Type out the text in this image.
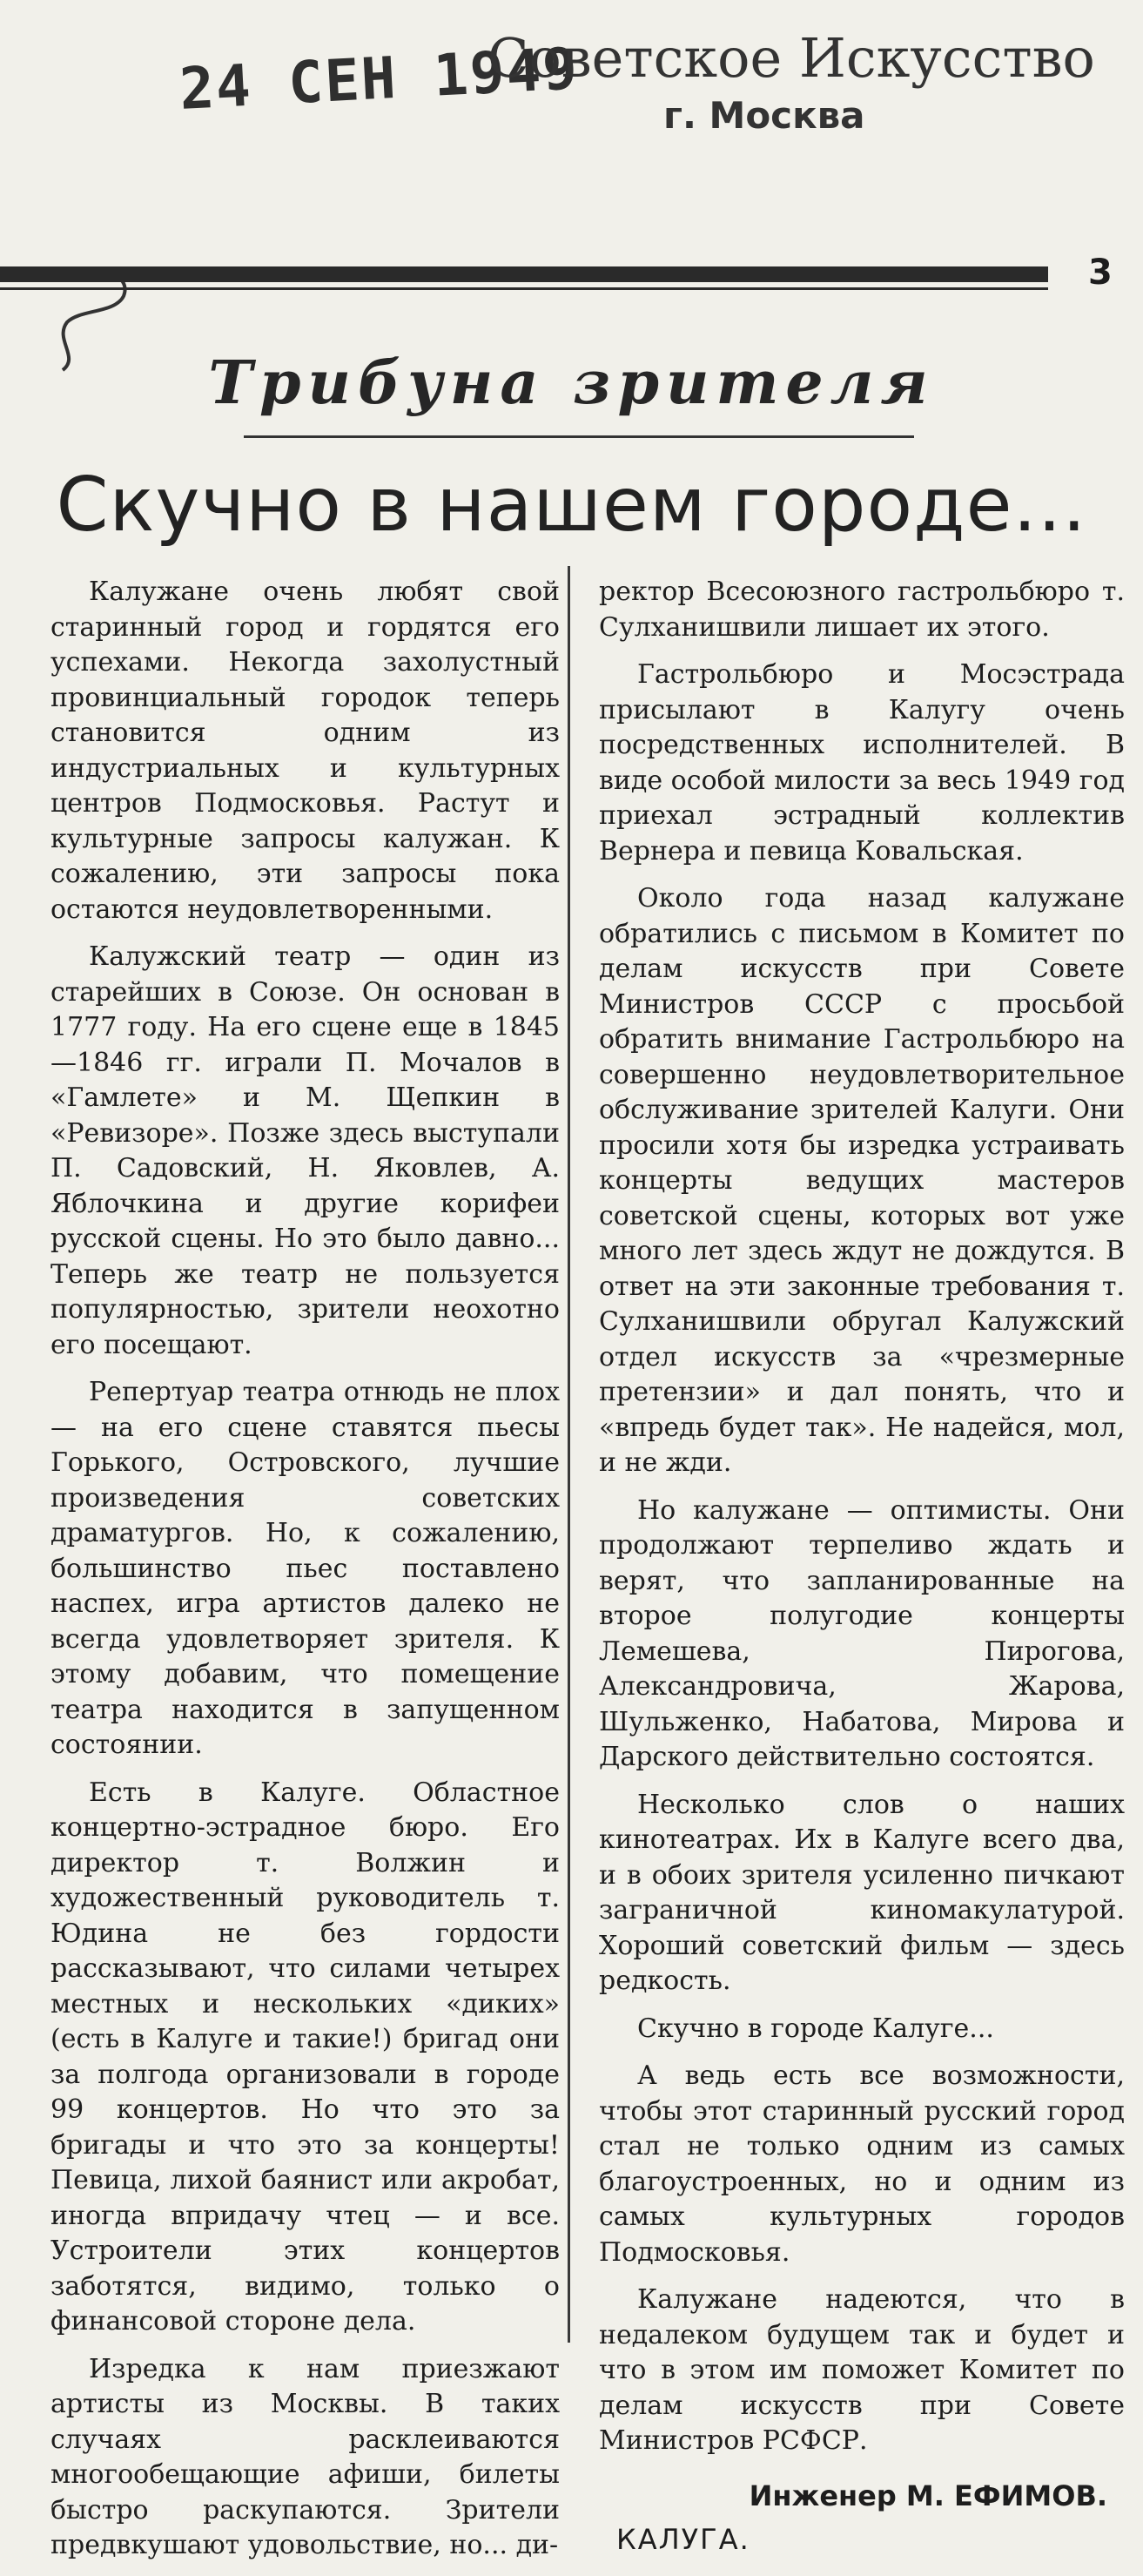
24 СЕН 1949
Советское Искусство
г. Москва
3
Трибуна зрителя
Скучно в нашем городе...

Калужане очень любят свой старинный город и гордятся его успехами. Некогда захолустный провинциальный городок теперь становится одним из индустриальных и культурных центров Подмосковья. Растут и культурные запросы калужан. К сожалению, эти запросы пока остаются неудовлетворенными.

Калужский театр — один из старейших в Союзе. Он основан в 1777 году. На его сцене еще в 1845—1846 гг. играли П. Мочалов в «Гамлете» и М. Щепкин в «Ревизоре». Позже здесь выступали П. Садовский, Н. Яковлев, А. Яблочкина и другие корифеи русской сцены. Но это было давно... Теперь же театр не пользуется популярностью, зрители неохотно его посещают.

Репертуар театра отнюдь не плох — на его сцене ставятся пьесы Горького, Островского, лучшие произведения советских драматургов. Но, к сожалению, большинство пьес поставлено наспех, игра артистов далеко не всегда удовлетворяет зрителя. К этому добавим, что помещение театра находится в запущенном состоянии.

Есть в Калуге. Областное концертно-эстрадное бюро. Его директор т. Волжин и художественный руководитель т. Юдина не без гордости рассказывают, что силами четырех местных и нескольких «диких» (есть в Калуге и такие!) бригад они за полгода организовали в городе 99 концертов. Но что это за бригады и что это за концерты! Певица, лихой баянист или акробат, иногда впридачу чтец — и все. Устроители этих концертов заботятся, видимо, только о финансовой стороне дела.

Изредка к нам приезжают артисты из Москвы. В таких случаях расклеиваются многообещающие афиши, билеты быстро раскупаются. Зрители предвкушают удовольствие, но... ди-

ректор Всесоюзного гастрольбюро т. Сулханишвили лишает их этого.

Гастрольбюро и Мосэстрада присылают в Калугу очень посредственных исполнителей. В виде особой милости за весь 1949 год приехал эстрадный коллектив Вернера и певица Ковальская.

Около года назад калужане обратились с письмом в Комитет по делам искусств при Совете Министров СССР с просьбой обратить внимание Гастрольбюро на совершенно неудовлетворительное обслуживание зрителей Калуги. Они просили хотя бы изредка устраивать концерты ведущих мастеров советской сцены, которых вот уже много лет здесь ждут не дождутся. В ответ на эти законные требования т. Сулханишвили обругал Калужский отдел искусств за «чрезмерные претензии» и дал понять, что и «впредь будет так». Не надейся, мол, и не жди.

Но калужане — оптимисты. Они продолжают терпеливо ждать и верят, что запланированные на второе полугодие концерты Лемешева, Пирогова, Александровича, Жарова, Шульженко, Набатова, Мирова и Дарского действительно состоятся.

Несколько слов о наших кинотеатрах. Их в Калуге всего два, и в обоих зрителя усиленно пичкают заграничной киномакулатурой. Хороший советский фильм — здесь редкость.

Скучно в городе Калуге...

А ведь есть все возможности, чтобы этот старинный русский город стал не только одним из самых благоустроенных, но и одним из самых культурных городов Подмосковья.

Калужане надеются, что в недалеком будущем так и будет и что в этом им поможет Комитет по делам искусств при Совете Министров РСФСР.

Инженер М. ЕФИМОВ.
КАЛУГА.
